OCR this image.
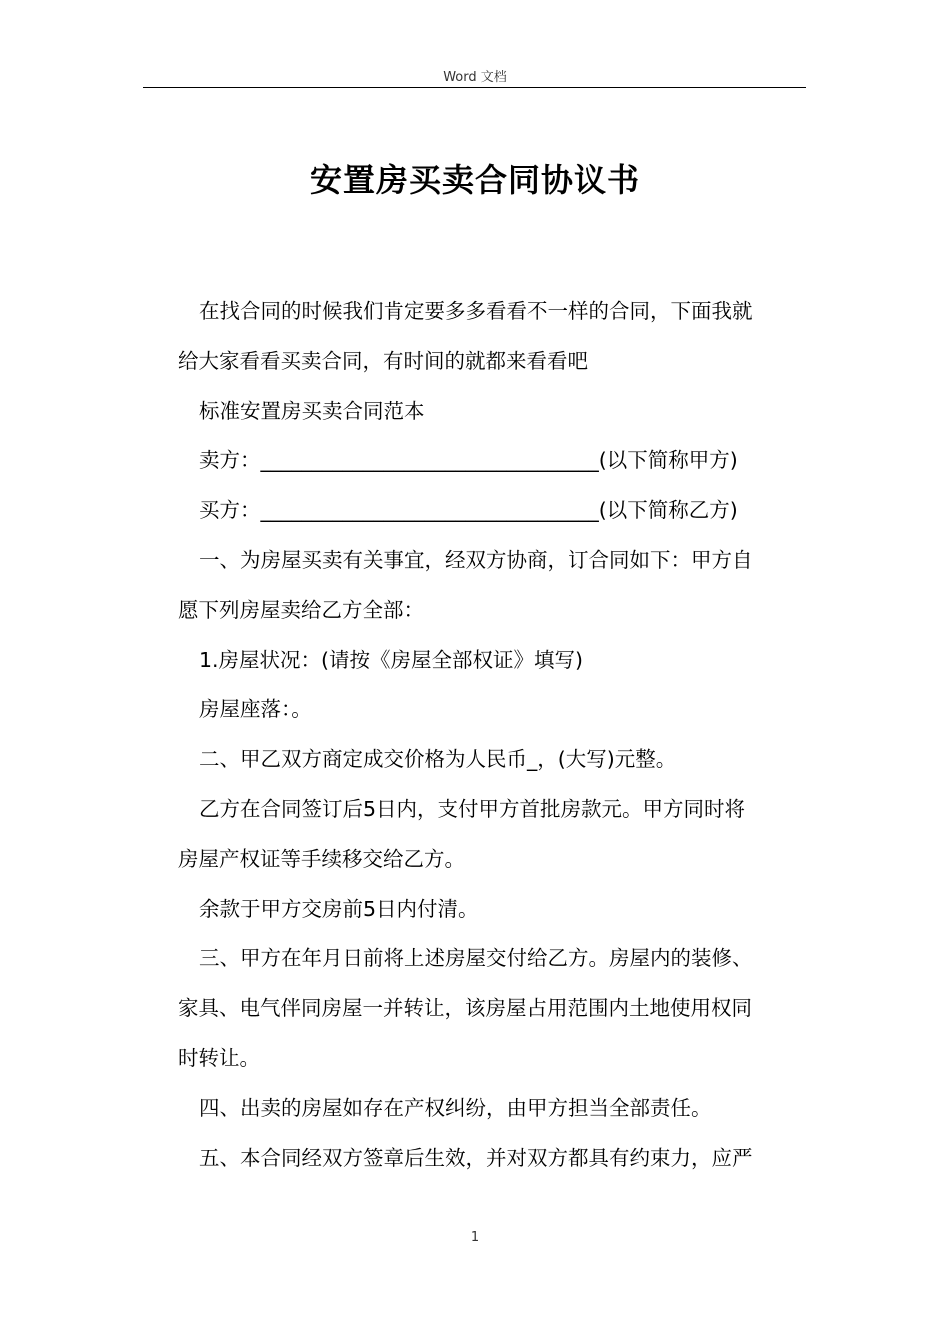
Word 文档
安置房买卖合同协议书

在找合同的时候我们肯定要多多看看不一样的合同，下面我就

给大家看看买卖合同，有时间的就都来看看吧

标准安置房买卖合同范本

卖方：_________________________________(以下简称甲方)

买方：_________________________________(以下简称乙方)

一、为房屋买卖有关事宜，经双方协商，订合同如下：甲方自

愿下列房屋卖给乙方全部：

1.房屋状况：(请按《房屋全部权证》填写)

房屋座落：。

二、甲乙双方商定成交价格为人民币_，(大写)元整。

乙方在合同签订后5日内，支付甲方首批房款元。甲方同时将

房屋产权证等手续移交给乙方。

余款于甲方交房前5日内付清。

三、甲方在年月日前将上述房屋交付给乙方。房屋内的装修、

家具、电气伴同房屋一并转让，该房屋占用范围内土地使用权同

时转让。

四、出卖的房屋如存在产权纠纷，由甲方担当全部责任。

五、本合同经双方签章后生效，并对双方都具有约束力，应严

1
